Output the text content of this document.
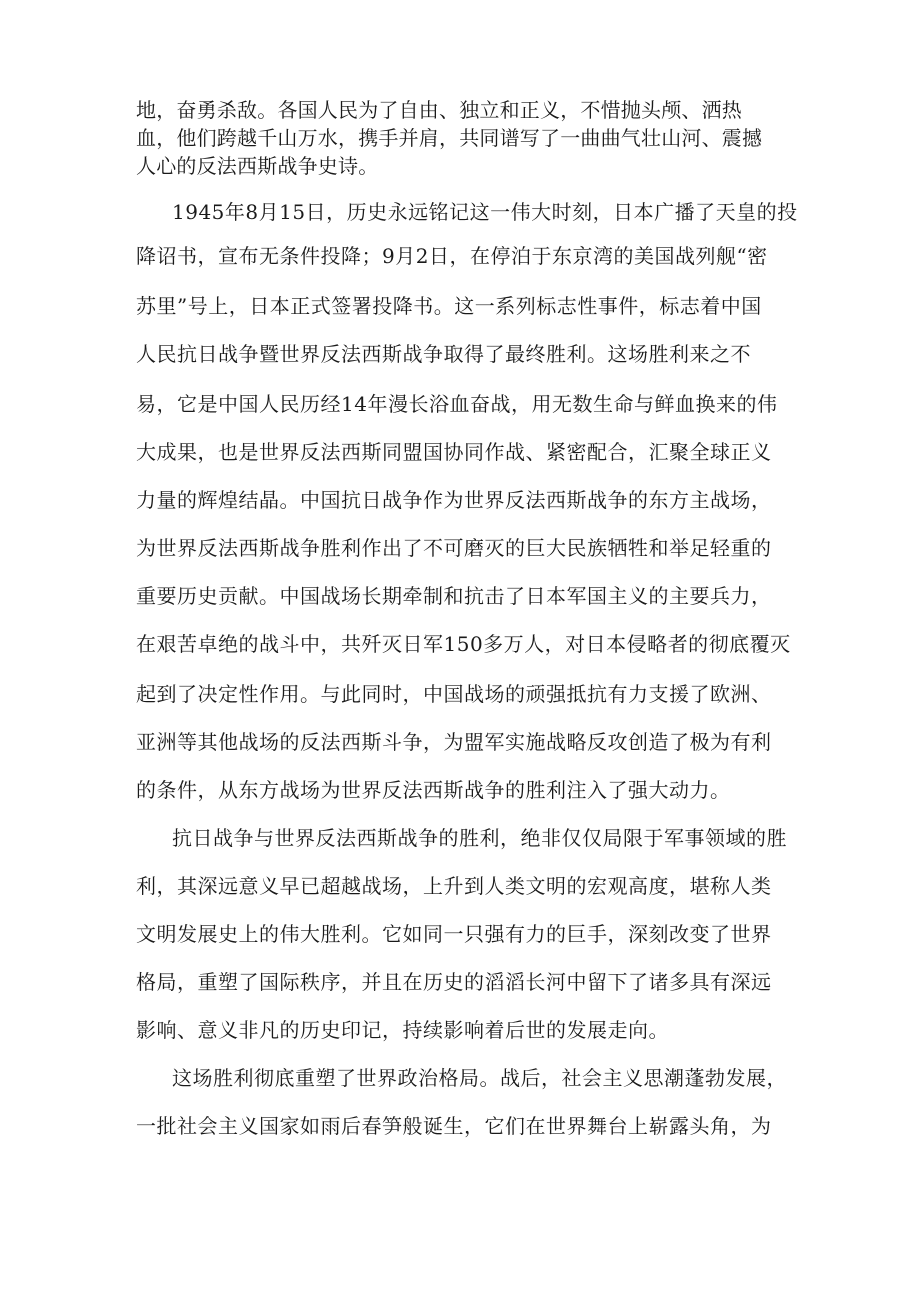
地，奋勇杀敌。各国人民为了自由、独立和正义，不惜抛头颅、洒热
血，他们跨越千山万水，携手并肩，共同谱写了一曲曲气壮山河、震撼
人心的反法西斯战争史诗。
1945年8月15日，历史永远铭记这一伟大时刻，日本广播了天皇的投
降诏书，宣布无条件投降；9月2日，在停泊于东京湾的美国战列舰“密
苏里”号上，日本正式签署投降书。这一系列标志性事件，标志着中国
人民抗日战争暨世界反法西斯战争取得了最终胜利。这场胜利来之不
易，它是中国人民历经14年漫长浴血奋战，用无数生命与鲜血换来的伟
大成果，也是世界反法西斯同盟国协同作战、紧密配合，汇聚全球正义
力量的辉煌结晶。中国抗日战争作为世界反法西斯战争的东方主战场，
为世界反法西斯战争胜利作出了不可磨灭的巨大民族牺牲和举足轻重的
重要历史贡献。中国战场长期牵制和抗击了日本军国主义的主要兵力，
在艰苦卓绝的战斗中，共歼灭日军150多万人，对日本侵略者的彻底覆灭
起到了决定性作用。与此同时，中国战场的顽强抵抗有力支援了欧洲、
亚洲等其他战场的反法西斯斗争，为盟军实施战略反攻创造了极为有利
的条件，从东方战场为世界反法西斯战争的胜利注入了强大动力。
抗日战争与世界反法西斯战争的胜利，绝非仅仅局限于军事领域的胜
利，其深远意义早已超越战场，上升到人类文明的宏观高度，堪称人类
文明发展史上的伟大胜利。它如同一只强有力的巨手，深刻改变了世界
格局，重塑了国际秩序，并且在历史的滔滔长河中留下了诸多具有深远
影响、意义非凡的历史印记，持续影响着后世的发展走向。
这场胜利彻底重塑了世界政治格局。战后，社会主义思潮蓬勃发展，
一批社会主义国家如雨后春笋般诞生，它们在世界舞台上崭露头角，为
